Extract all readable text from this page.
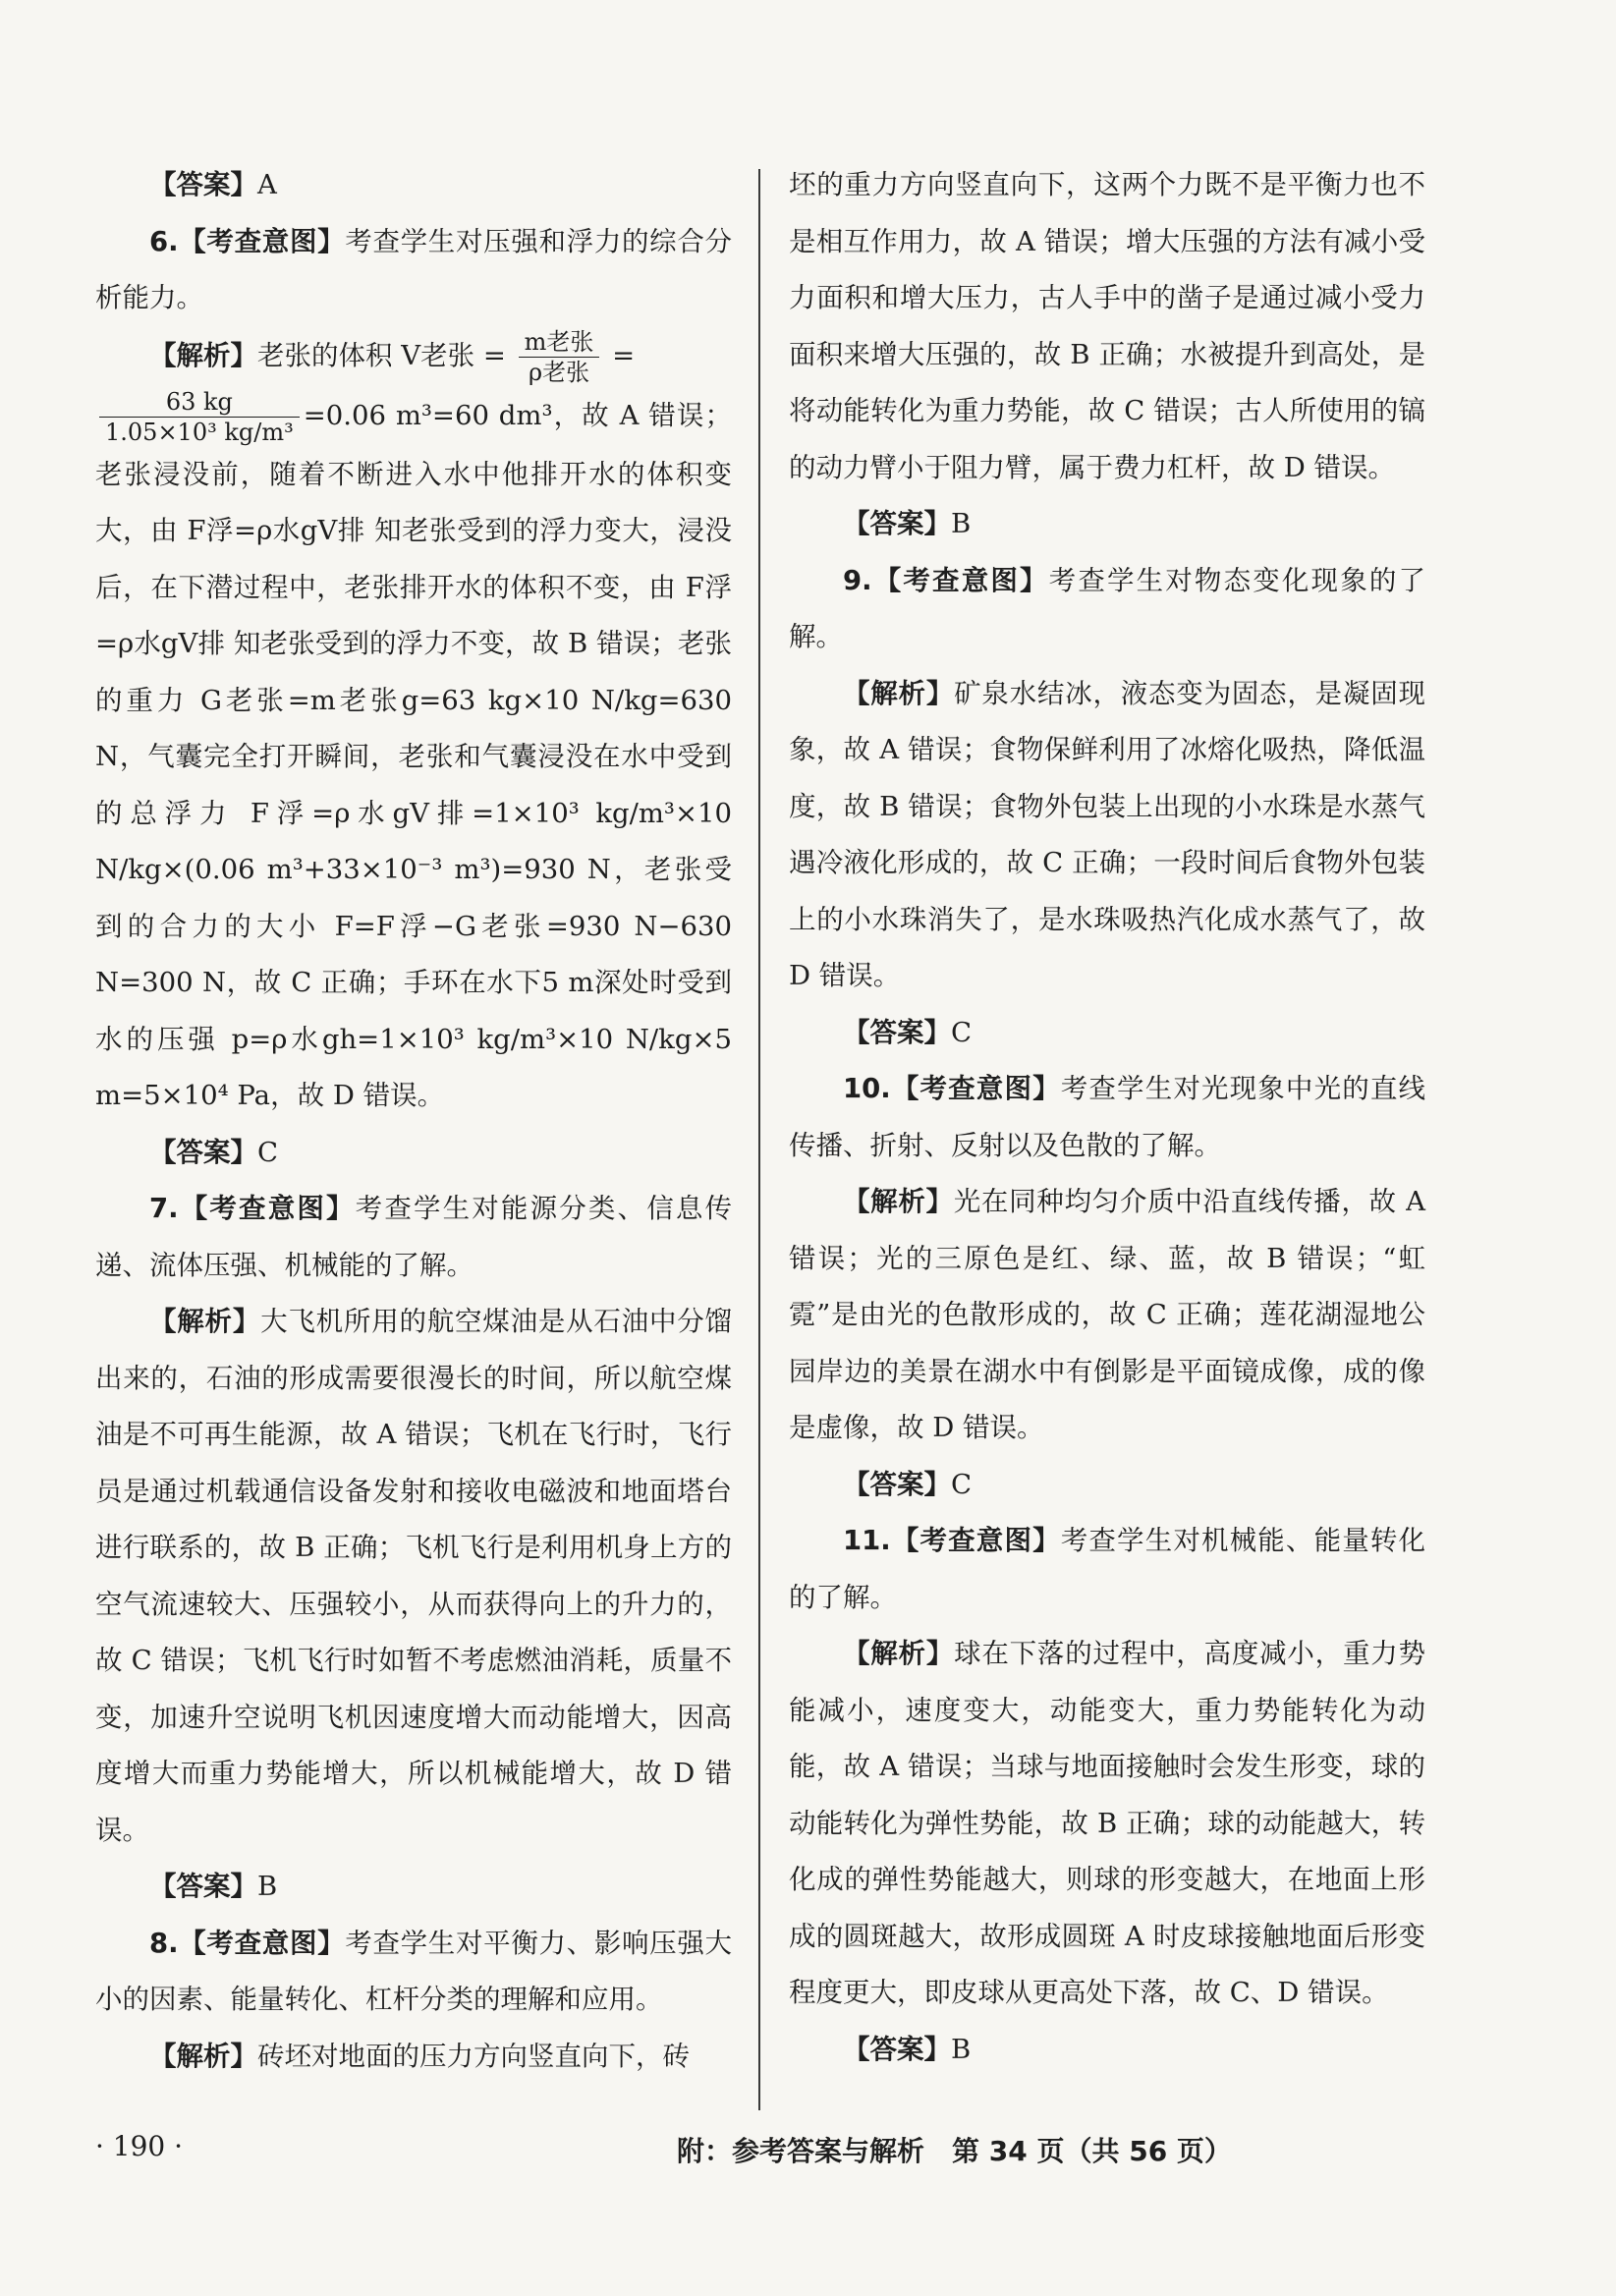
【答案】A

6.【考查意图】考查学生对压强和浮力的综合分析能力。

【解析】老张的体积 V老张 = $\frac{\text{m老张}}{\text{ρ老张}}$ =

$\frac{63 kg}{\text{1.05×10³ kg/m³}} =0.06$ m³=60 dm³，故 A 错误；老张浸没前，随着不断进入水中他排开水的体积变大，由 F浮=ρ水gV排 知老张受到的浮力变大，浸没后，在下潜过程中，老张排开水的体积不变，由 F浮=ρ水gV排 知老张受到的浮力不变，故 B 错误；老张的重力 G老张=m老张g=63 kg×10 N/kg=630 N，气囊完全打开瞬间，老张和气囊浸没在水中受到的总浮力 F浮=ρ水gV排=1×10³ kg/m³×10 N/kg×(0.06 m³+33×10⁻³ m³)=930 N，老张受到的合力的大小 F=F浮−G老张=930 N−630 N=300 N，故 C 正确；手环在水下5 m深处时受到水的压强 p=ρ水gh=1×10³ kg/m³×10 N/kg×5 m=5×10⁴ Pa，故 D 错误。

【答案】C

7.【考查意图】考查学生对能源分类、信息传递、流体压强、机械能的了解。

【解析】大飞机所用的航空煤油是从石油中分馏出来的，石油的形成需要很漫长的时间，所以航空煤油是不可再生能源，故 A 错误；飞机在飞行时，飞行员是通过机载通信设备发射和接收电磁波和地面塔台进行联系的，故 B 正确；飞机飞行是利用机身上方的空气流速较大、压强较小，从而获得向上的升力的，故 C 错误；飞机飞行时如暂不考虑燃油消耗，质量不变，加速升空说明飞机因速度增大而动能增大，因高度增大而重力势能增大，所以机械能增大，故 D 错误。

【答案】B

8.【考查意图】考查学生对平衡力、影响压强大小的因素、能量转化、杠杆分类的理解和应用。

【解析】砖坯对地面的压力方向竖直向下，砖

坯的重力方向竖直向下，这两个力既不是平衡力也不是相互作用力，故 A 错误；增大压强的方法有减小受力面积和增大压力，古人手中的凿子是通过减小受力面积来增大压强的，故 B 正确；水被提升到高处，是将动能转化为重力势能，故 C 错误；古人所使用的镐的动力臂小于阻力臂，属于费力杠杆，故 D 错误。

【答案】B

9.【考查意图】考查学生对物态变化现象的了解。

【解析】矿泉水结冰，液态变为固态，是凝固现象，故 A 错误；食物保鲜利用了冰熔化吸热，降低温度，故 B 错误；食物外包装上出现的小水珠是水蒸气遇冷液化形成的，故 C 正确；一段时间后食物外包装上的小水珠消失了，是水珠吸热汽化成水蒸气了，故 D 错误。

【答案】C

10.【考查意图】考查学生对光现象中光的直线传播、折射、反射以及色散的了解。

【解析】光在同种均匀介质中沿直线传播，故 A 错误；光的三原色是红、绿、蓝，故 B 错误；“虹霓”是由光的色散形成的，故 C 正确；莲花湖湿地公园岸边的美景在湖水中有倒影是平面镜成像，成的像是虚像，故 D 错误。

【答案】C

11.【考查意图】考查学生对机械能、能量转化的了解。

【解析】球在下落的过程中，高度减小，重力势能减小，速度变大，动能变大，重力势能转化为动能，故 A 错误；当球与地面接触时会发生形变，球的动能转化为弹性势能，故 B 正确；球的动能越大，转化成的弹性势能越大，则球的形变越大，在地面上形成的圆斑越大，故形成圆斑 A 时皮球接触地面后形变程度更大，即皮球从更高处下落，故 C、D 错误。

【答案】B

· 190 ·	附：参考答案与解析　第 34 页（共 56 页）
